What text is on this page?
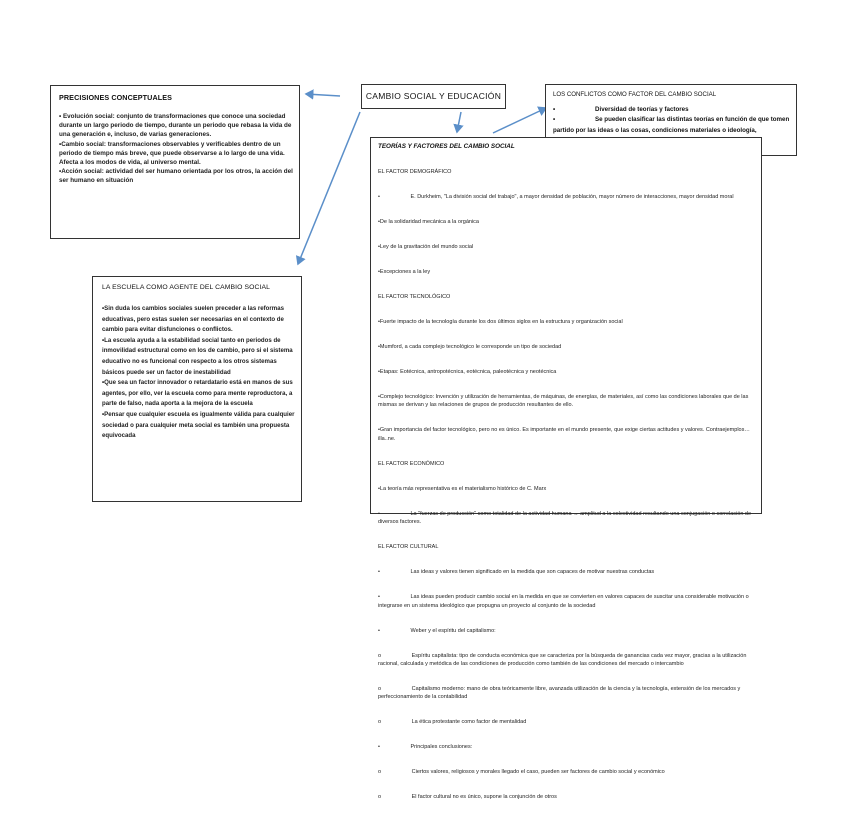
CAMBIO SOCIAL Y EDUCACIÓN

PRECISIONES CONCEPTUALES

• Evolución social: conjunto de transformaciones que conoce una sociedad durante un largo periodo de tiempo, durante un periodo que rebasa la vida de una generación e, incluso, de varias generaciones.

•Cambio social: transformaciones observables y verificables dentro de un periodo de tiempo más breve, que puede observarse a lo largo de una vida. Afecta a los modos de vida, al universo mental.

•Acción social: actividad del ser humano orientada por los otros, la acción del ser humano en situación

LA ESCUELA COMO AGENTE DEL CAMBIO SOCIAL

•Sin duda los cambios sociales suelen preceder a las reformas educativas, pero estas suelen ser necesarias en el contexto de cambio para evitar disfunciones o conflictos.

•La escuela ayuda a la estabilidad social tanto en periodos de inmovilidad estructural como en los de cambio, pero si el sistema educativo no es funcional con respecto a los otros sistemas básicos puede ser un factor de inestabilidad

•Que sea un factor innovador o retardatario está en manos de sus agentes, por ello, ver la escuela como para mente reproductora, a parte de falso, nada aporta a la mejora de la escuela

•Pensar que cualquier escuela es igualmente válida para cualquier sociedad o para cualquier meta social es también una propuesta equivocada

LOS CONFLICTOS COMO FACTOR DEL CAMBIO SOCIAL

•	Diversidad de teorías y factores

•	Se pueden clasificar las distintas teorías en función de que tomen partido por las ideas o las cosas, condiciones materiales o ideología,

TEORÍAS Y FACTORES DEL CAMBIO SOCIAL

EL FACTOR DEMOGRÁFICO

•                    E. Durkheim, "La división social del trabajo", a mayor densidad de población, mayor número de interacciones, mayor densidad moral

•De la solidaridad mecánica a la orgánica

•Ley de la gravitación del mundo social

•Excepciones a la ley

EL FACTOR TECNOLÓGICO

•Fuerte impacto de la tecnología durante los dos últimos siglos en la estructura y organización social

•Mumford, a cada complejo tecnológico le corresponde un tipo de sociedad

•Etapas: Eotécnica, antropotécnica, eotécnica, paleotécnica y neotécnica

•Complejo tecnológico: Invención y utilización de herramientas, de máquinas, de energías, de materiales, así como las condiciones laborales que de las mismas se derivan y las relaciones de grupos de producción resultantes de ello.

•Gran importancia del factor tecnológico, pero no es único. Es importante en el mundo presente, que exige ciertas actitudes y valores. Contraejemplos…illa..ne.

EL FACTOR ECONÓMICO

•La teoría más representativa es el materialismo histórico de C. Marx

•                    La "fuerzas de producción" como totalidad de la actividad humana → amplitud a la colectividad resultando una conjugación o correlación de diversos factores.

EL FACTOR CULTURAL

•                    Las ideas y valores tienen significado en la medida que son capaces de motivar nuestras conductas

•                    Las ideas pueden producir cambio social en la medida en que se convierten en valores capaces de suscitar una considerable motivación o integrarse en un sistema ideológico que propugna un proyecto al conjunto de la sociedad

•                    Weber y el espíritu del capitalismo:

o                    Espíritu capitalista: tipo de conducta económica que se caracteriza por la búsqueda de ganancias cada vez mayor, gracias a la utilización racional, calculada y metódica de las condiciones de producción como también de las condiciones del mercado o intercambio

o                    Capitalismo moderno: mano de obra teóricamente libre, avanzada utilización de la ciencia y la tecnología, extensión de los mercados y perfeccionamiento de la contabilidad

o                    La ética protestante como factor de mentalidad

•                    Principales conclusiones:

o                    Ciertos valores, religiosos y morales llegado el caso, pueden ser factores de cambio social y económico

o                    El factor cultural no es único, supone la conjunción de otros
